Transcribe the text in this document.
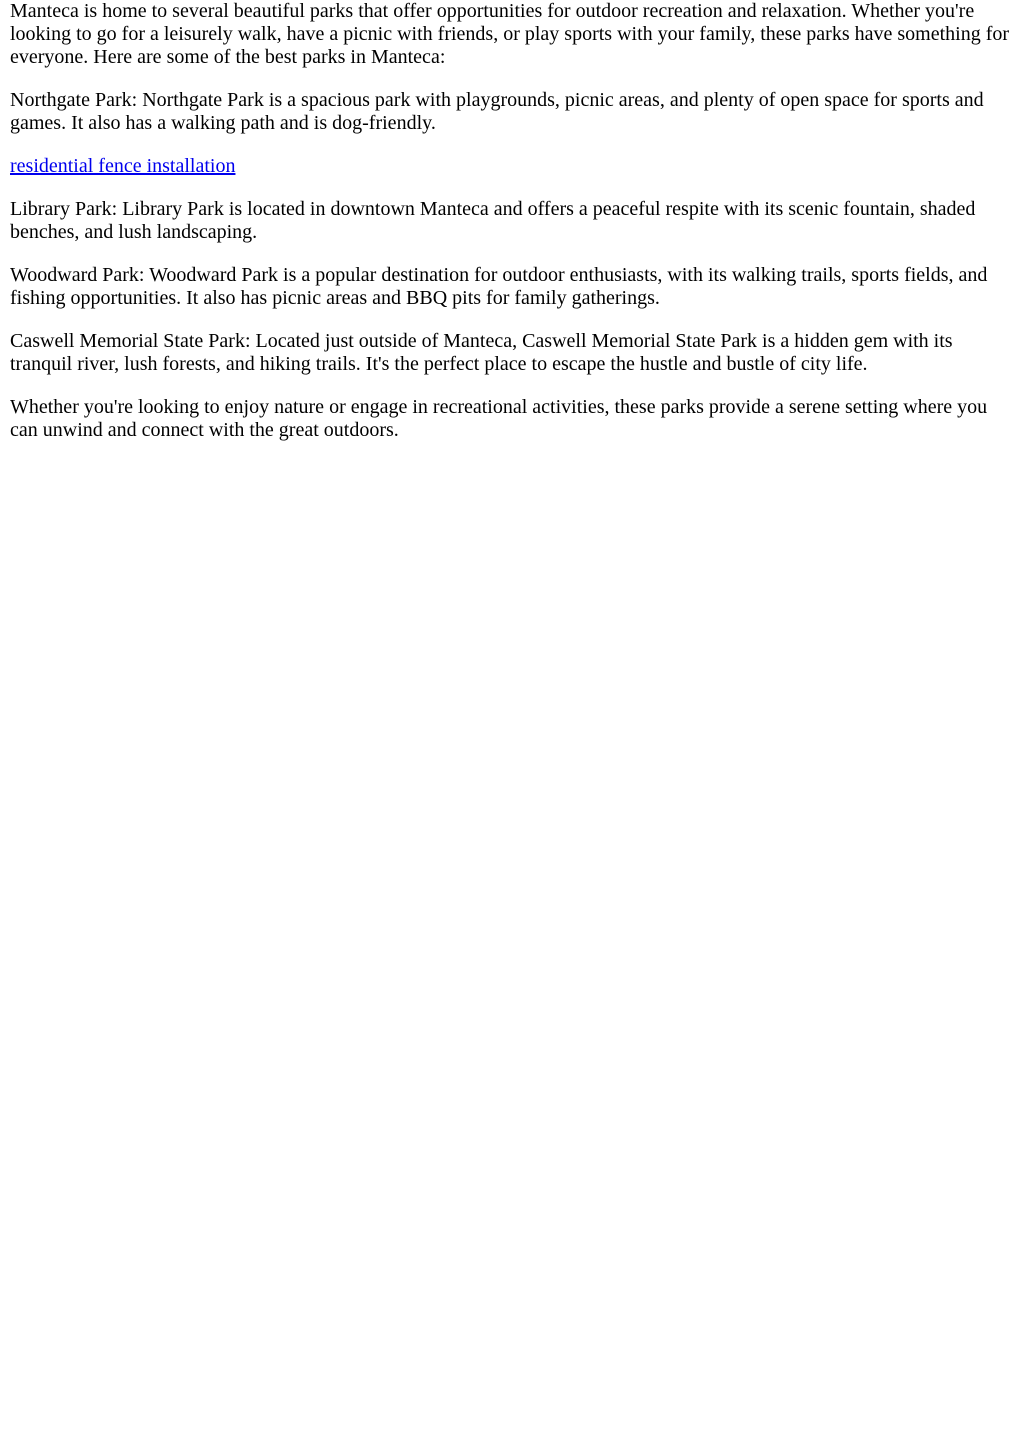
Manteca is home to several beautiful parks that offer opportunities for outdoor recreation and relaxation. Whether you're looking to go for a leisurely walk, have a picnic with friends, or play sports with your family, these parks have something for everyone. Here are some of the best parks in Manteca:

Northgate Park: Northgate Park is a spacious park with playgrounds, picnic areas, and plenty of open space for sports and games. It also has a walking path and is dog-friendly.

residential fence installation

Library Park: Library Park is located in downtown Manteca and offers a peaceful respite with its scenic fountain, shaded benches, and lush landscaping.

Woodward Park: Woodward Park is a popular destination for outdoor enthusiasts, with its walking trails, sports fields, and fishing opportunities. It also has picnic areas and BBQ pits for family gatherings.

Caswell Memorial State Park: Located just outside of Manteca, Caswell Memorial State Park is a hidden gem with its tranquil river, lush forests, and hiking trails. It's the perfect place to escape the hustle and bustle of city life.

Whether you're looking to enjoy nature or engage in recreational activities, these parks provide a serene setting where you can unwind and connect with the great outdoors.
